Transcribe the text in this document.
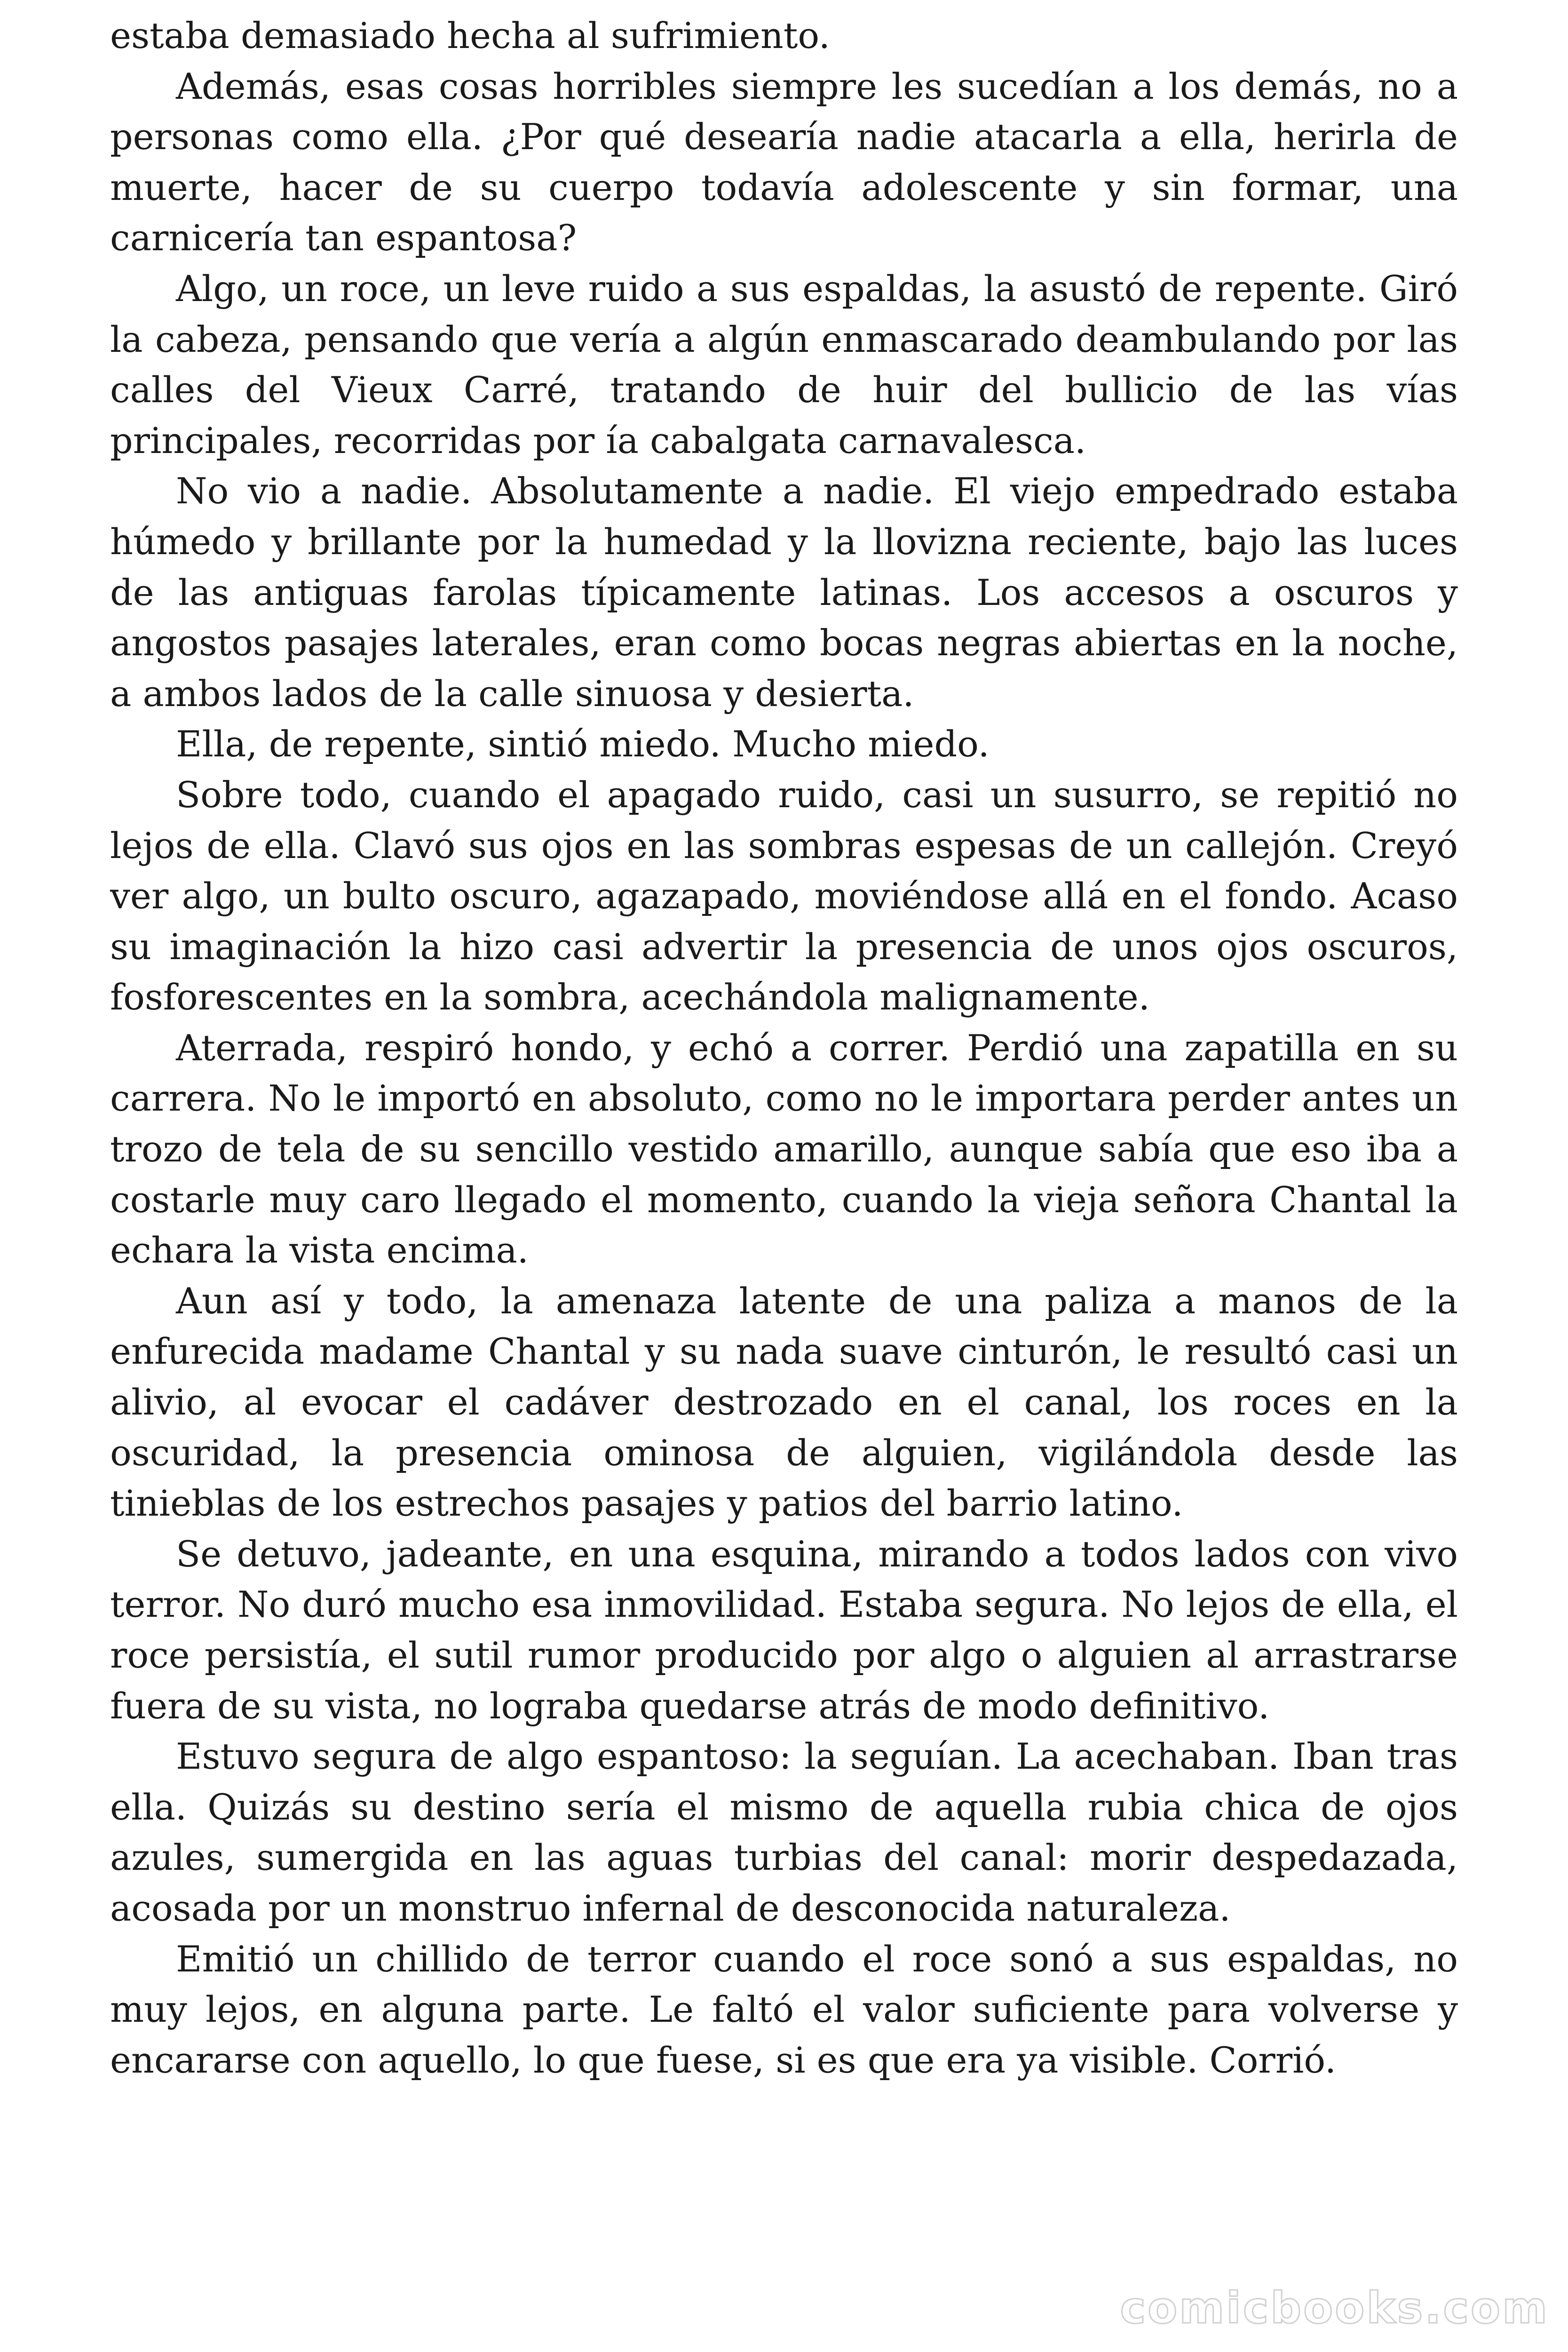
estaba demasiado hecha al sufrimiento.

Además, esas cosas horribles siempre les sucedían a los demás, no a personas como ella. ¿Por qué desearía nadie atacarla a ella, herirla de muerte, hacer de su cuerpo todavía adolescente y sin formar, una carnicería tan espantosa?

Algo, un roce, un leve ruido a sus espaldas, la asustó de repente. Giró la cabeza, pensando que vería a algún enmascarado deambulando por las calles del Vieux Carré, tratando de huir del bullicio de las vías principales, recorridas por ía cabalgata carnavalesca.

No vio a nadie. Absolutamente a nadie. El viejo empedrado estaba húmedo y brillante por la humedad y la llovizna reciente, bajo las luces de las antiguas farolas típicamente latinas. Los accesos a oscuros y angostos pasajes laterales, eran como bocas negras abiertas en la noche, a ambos lados de la calle sinuosa y desierta.

Ella, de repente, sintió miedo. Mucho miedo.

Sobre todo, cuando el apagado ruido, casi un susurro, se repitió no lejos de ella. Clavó sus ojos en las sombras espesas de un callejón. Creyó ver algo, un bulto oscuro, agazapado, moviéndose allá en el fondo. Acaso su imaginación la hizo casi advertir la presencia de unos ojos oscuros, fosforescentes en la sombra, acechándola malignamente.

Aterrada, respiró hondo, y echó a correr. Perdió una zapatilla en su carrera. No le importó en absoluto, como no le importara perder antes un trozo de tela de su sencillo vestido amarillo, aunque sabía que eso iba a costarle muy caro llegado el momento, cuando la vieja señora Chantal la echara la vista encima.

Aun así y todo, la amenaza latente de una paliza a manos de la enfurecida madame Chantal y su nada suave cinturón, le resultó casi un alivio, al evocar el cadáver destrozado en el canal, los roces en la oscuridad, la presencia ominosa de alguien, vigilándola desde las tinieblas de los estrechos pasajes y patios del barrio latino.

Se detuvo, jadeante, en una esquina, mirando a todos lados con vivo terror. No duró mucho esa inmovilidad. Estaba segura. No lejos de ella, el roce persistía, el sutil rumor producido por algo o alguien al arrastrarse fuera de su vista, no lograba quedarse atrás de modo definitivo.

Estuvo segura de algo espantoso: la seguían. La acechaban. Iban tras ella. Quizás su destino sería el mismo de aquella rubia chica de ojos azules, sumergida en las aguas turbias del canal: morir despedazada, acosada por un monstruo infernal de desconocida naturaleza.

Emitió un chillido de terror cuando el roce sonó a sus espaldas, no muy lejos, en alguna parte. Le faltó el valor suficiente para volverse y encararse con aquello, lo que fuese, si es que era ya visible. Corrió.

comicbooks.com
